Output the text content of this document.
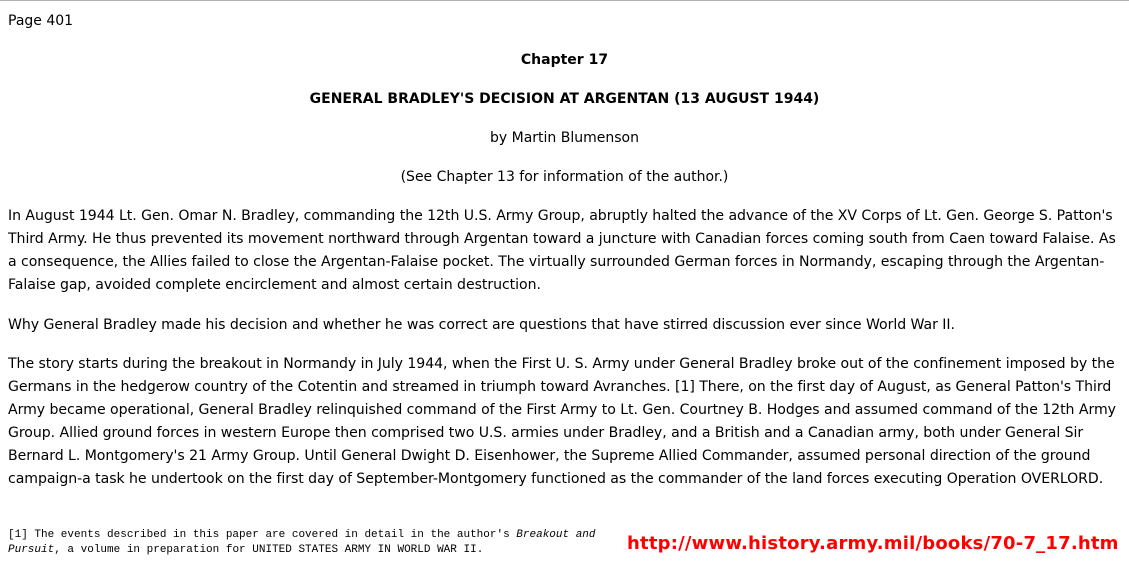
Page 401
Chapter 17
GENERAL BRADLEY'S DECISION AT ARGENTAN (13 AUGUST 1944)
by Martin Blumenson
(See Chapter 13 for information of the author.)

In August 1944 Lt. Gen. Omar N. Bradley, commanding the 12th U.S. Army Group, abruptly halted the advance of the XV Corps of Lt. Gen. George S. Patton's Third Army. He thus prevented its movement northward through Argentan toward a juncture with Canadian forces coming south from Caen toward Falaise. As a consequence, the Allies failed to close the Argentan-Falaise pocket. The virtually surrounded German forces in Normandy, escaping through the Argentan-Falaise gap, avoided complete encirclement and almost certain destruction.

Why General Bradley made his decision and whether he was correct are questions that have stirred discussion ever since World War II.

The story starts during the breakout in Normandy in July 1944, when the First U. S. Army under General Bradley broke out of the confinement imposed by the Germans in the hedgerow country of the Cotentin and streamed in triumph toward Avranches. [1] There, on the first day of August, as General Patton's Third Army became operational, General Bradley relinquished command of the First Army to Lt. Gen. Courtney B. Hodges and assumed command of the 12th Army Group. Allied ground forces in western Europe then comprised two U.S. armies under Bradley, and a British and a Canadian army, both under General Sir Bernard L. Montgomery's 21 Army Group. Until General Dwight D. Eisenhower, the Supreme Allied Commander, assumed personal direction of the ground campaign-a task he undertook on the first day of September-Montgomery functioned as the commander of the land forces executing Operation OVERLORD.

[1] The events described in this paper are covered in detail in the author's Breakout and Pursuit, a volume in preparation for UNITED STATES ARMY IN WORLD WAR II.	http://www.history.army.mil/books/70-7_17.htm
